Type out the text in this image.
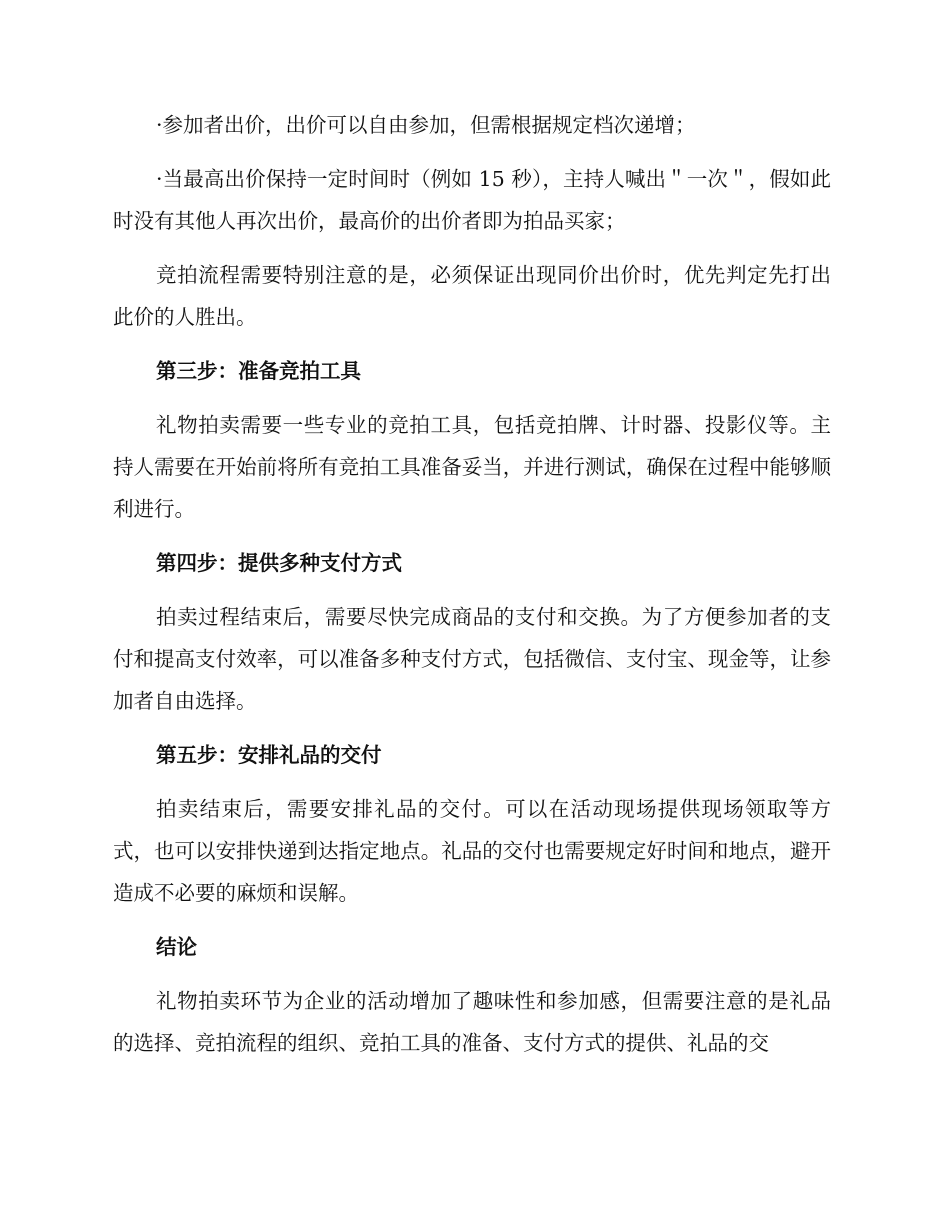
·参加者出价，出价可以自由参加，但需根据规定档次递增；

·当最高出价保持一定时间时（例如 15 秒），主持人喊出＂一次＂，假如此时没有其他人再次出价，最高价的出价者即为拍品买家；

竞拍流程需要特别注意的是，必须保证出现同价出价时，优先判定先打出此价的人胜出。

第三步：准备竞拍工具

礼物拍卖需要一些专业的竞拍工具，包括竞拍牌、计时器、投影仪等。主持人需要在开始前将所有竞拍工具准备妥当，并进行测试，确保在过程中能够顺利进行。

第四步：提供多种支付方式

拍卖过程结束后，需要尽快完成商品的支付和交换。为了方便参加者的支付和提高支付效率，可以准备多种支付方式，包括微信、支付宝、现金等，让参加者自由选择。

第五步：安排礼品的交付

拍卖结束后，需要安排礼品的交付。可以在活动现场提供现场领取等方式，也可以安排快递到达指定地点。礼品的交付也需要规定好时间和地点，避开造成不必要的麻烦和误解。

结论

礼物拍卖环节为企业的活动增加了趣味性和参加感，但需要注意的是礼品的选择、竞拍流程的组织、竞拍工具的准备、支付方式的提供、礼品的交
